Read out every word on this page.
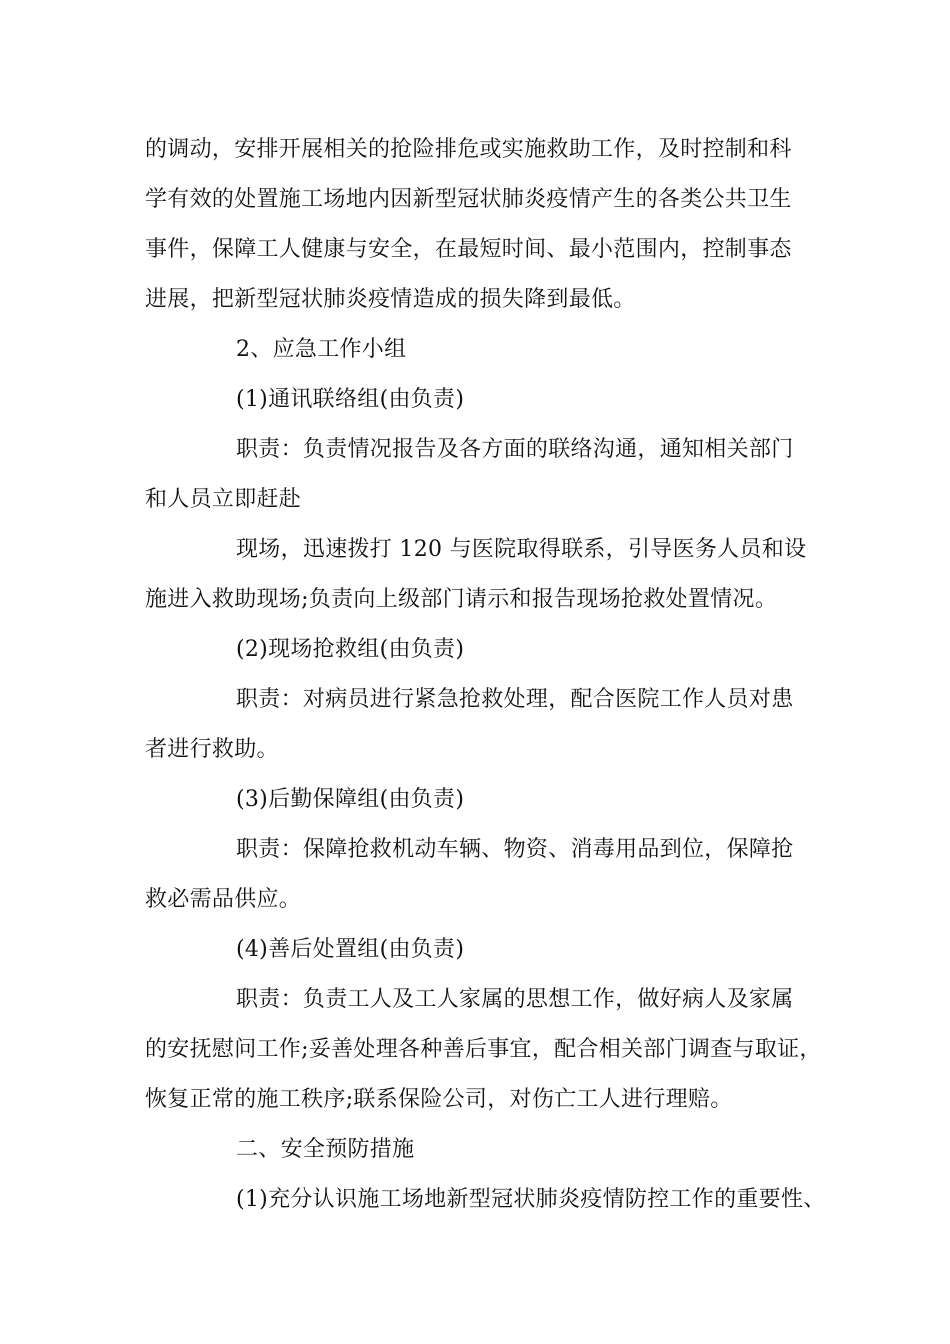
的调动，安排开展相关的抢险排危或实施救助工作，及时控制和科
学有效的处置施工场地内因新型冠状肺炎疫情产生的各类公共卫生
事件，保障工人健康与安全，在最短时间、最小范围内，控制事态
进展，把新型冠状肺炎疫情造成的损失降到最低。
2、应急工作小组
(1)通讯联络组(由负责)
职责：负责情况报告及各方面的联络沟通，通知相关部门
和人员立即赶赴
现场，迅速拨打 120 与医院取得联系，引导医务人员和设
施进入救助现场;负责向上级部门请示和报告现场抢救处置情况。
(2)现场抢救组(由负责)
职责：对病员进行紧急抢救处理，配合医院工作人员对患
者进行救助。
(3)后勤保障组(由负责)
职责：保障抢救机动车辆、物资、消毒用品到位，保障抢
救必需品供应。
(4)善后处置组(由负责)
职责：负责工人及工人家属的思想工作，做好病人及家属
的安抚慰问工作;妥善处理各种善后事宜，配合相关部门调查与取证，
恢复正常的施工秩序;联系保险公司，对伤亡工人进行理赔。
二、安全预防措施
(1)充分认识施工场地新型冠状肺炎疫情防控工作的重要性、
